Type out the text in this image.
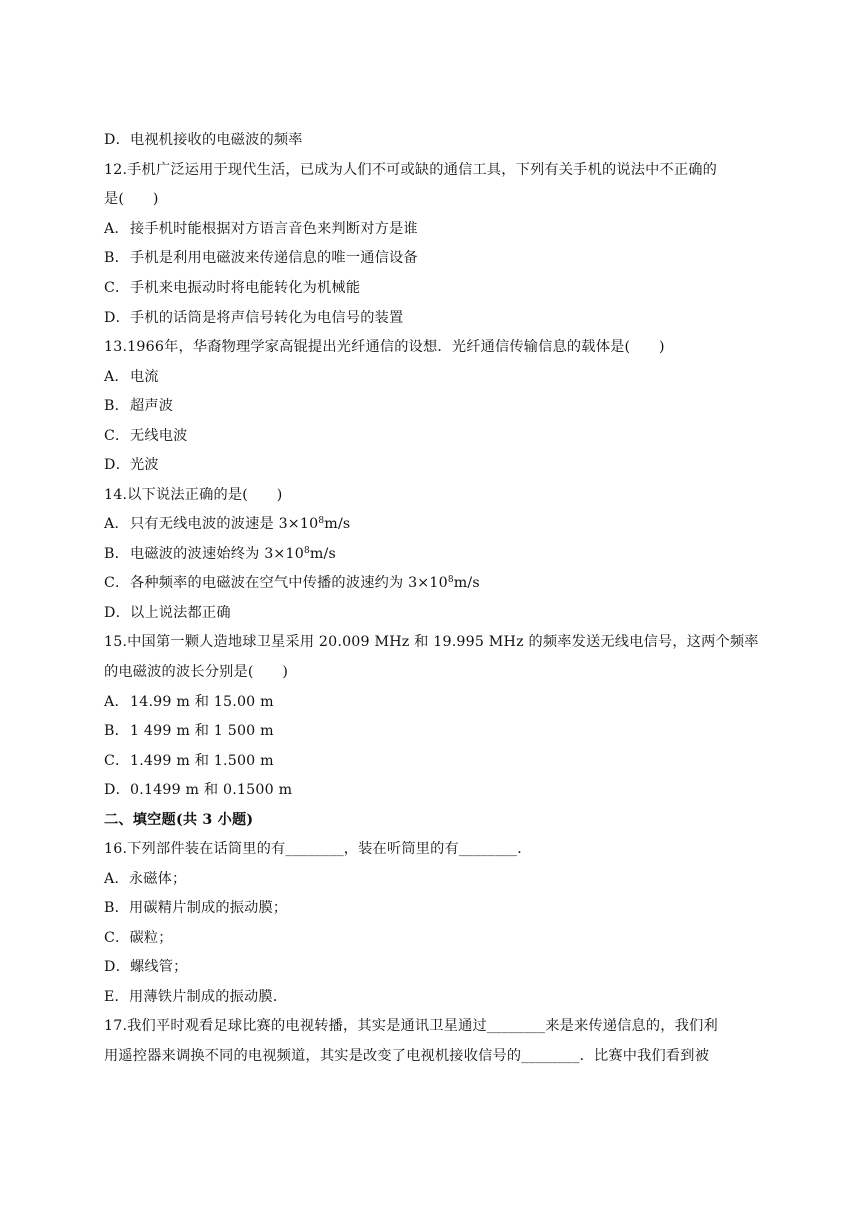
D．电视机接收的电磁波的频率
12.手机广泛运用于现代生活，已成为人们不可或缺的通信工具，下列有关手机的说法中不正确的
是(　　)
A．接手机时能根据对方语言音色来判断对方是谁
B．手机是利用电磁波来传递信息的唯一通信设备
C．手机来电振动时将电能转化为机械能
D．手机的话筒是将声信号转化为电信号的装置
13.1966年，华裔物理学家高锟提出光纤通信的设想．光纤通信传输信息的载体是(　　)
A．电流
B．超声波
C．无线电波
D．光波
14.以下说法正确的是(　　)
A．只有无线电波的波速是 $3\times 10^8m/s$
B．电磁波的波速始终为 $3\times 10^8m/s$
C．各种频率的电磁波在空气中传播的波速约为 $3\times 10^8m/s$
D．以上说法都正确
15.中国第一颗人造地球卫星采用 20.009 MHz 和 19.995 MHz 的频率发送无线电信号，这两个频率
的电磁波的波长分别是(　　)
A．14.99 m 和 15.00 m
B．1 499 m 和 1 500 m
C．1.499 m 和 1.500 m
D．0.1499 m 和 0.1500 m
二、填空题(共 3 小题)
16.下列部件装在话筒里的有________，装在听筒里的有________．
A．永磁体；
B．用碳精片制成的振动膜；
C．碳粒；
D．螺线管；
E．用薄铁片制成的振动膜．
17.我们平时观看足球比赛的电视转播，其实是通讯卫星通过________来是来传递信息的，我们利
用遥控器来调换不同的电视频道，其实是改变了电视机接收信号的________．比赛中我们看到被
